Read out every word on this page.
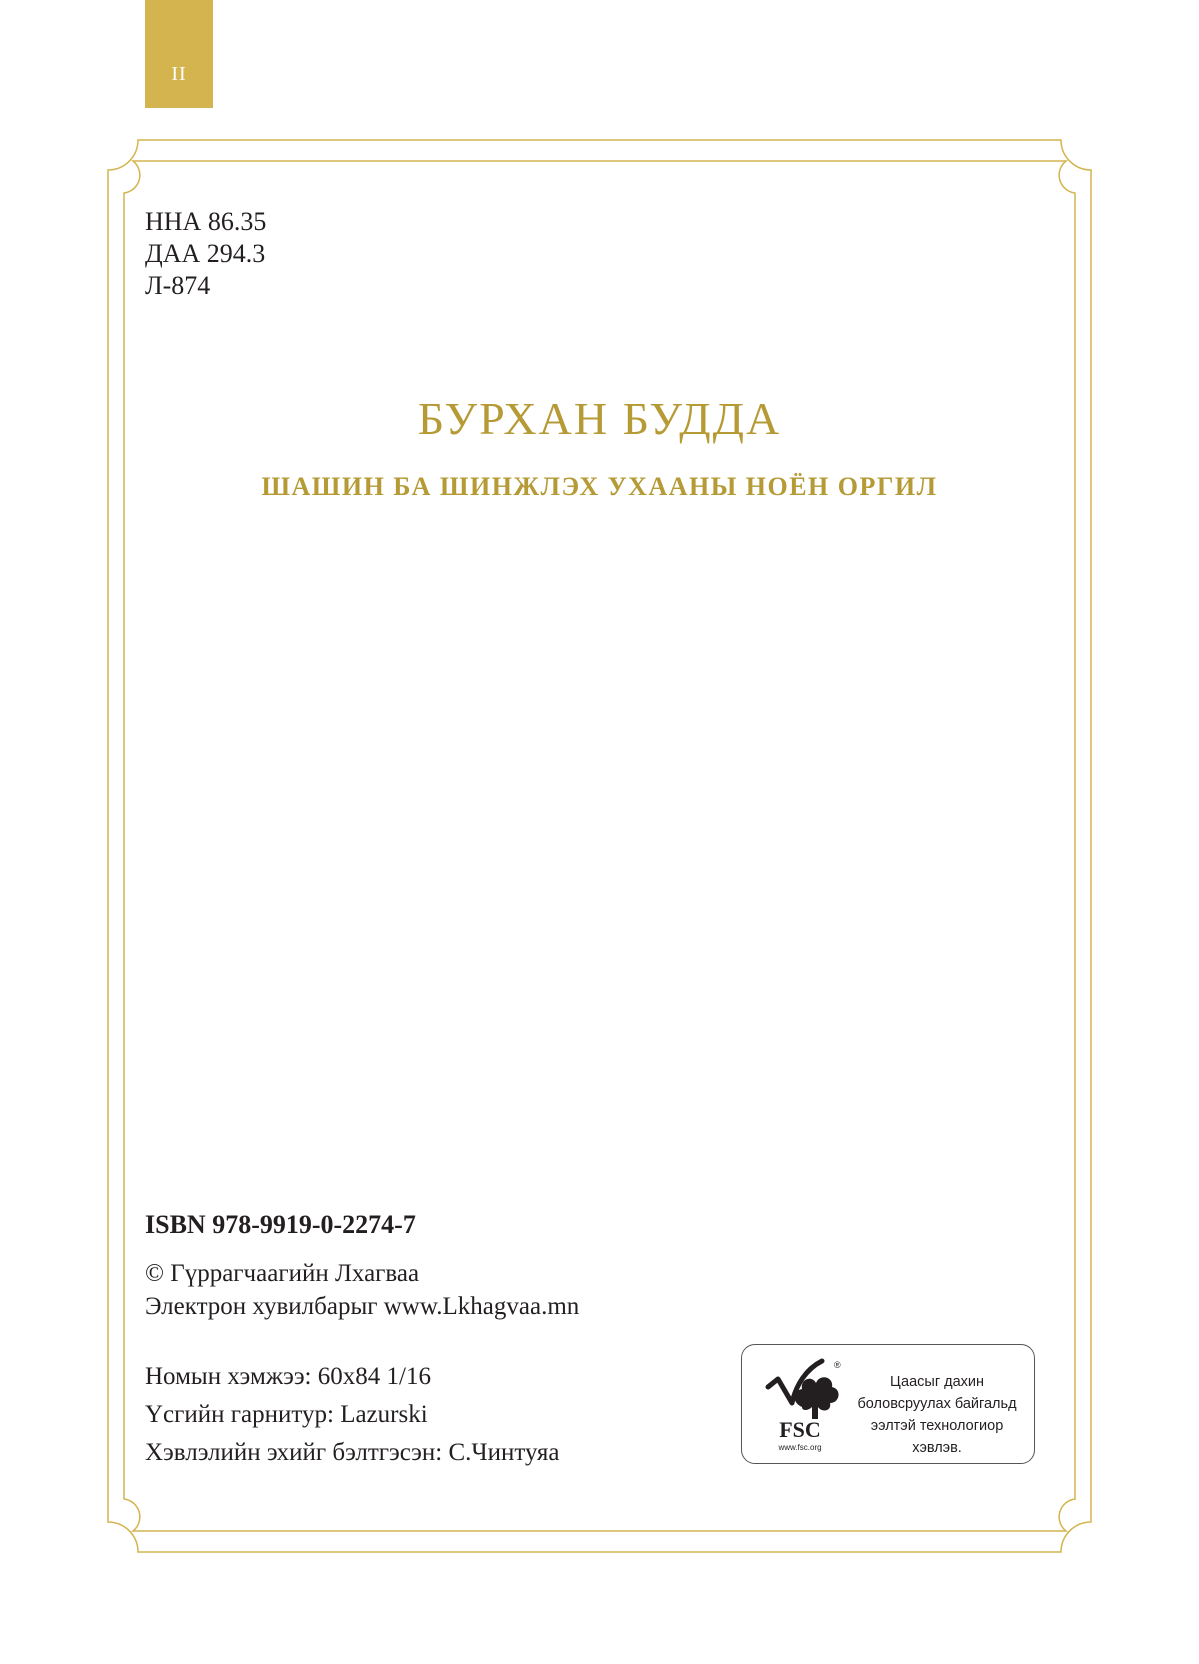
II
ННА 86.35
ДАА 294.3
Л-874
БУРХАН БУДДА
ШАШИН БА ШИНЖЛЭХ УХААНЫ НОЁН ОРГИЛ
ISBN 978-9919-0-2274-7
© Гүррагчаагийн Лхагваа
Электрон хувилбарыг www.Lkhagvaa.mn
Номын хэмжээ: 60x84 1/16
Үсгийн гарнитур: Lazurski
Хэвлэлийн эхийг бэлтгэсэн: С.Чинтуяа
®
FSC
www.fsc.org
Цаасыг дахин
боловсруулах байгальд
ээлтэй технологиор
хэвлэв.
